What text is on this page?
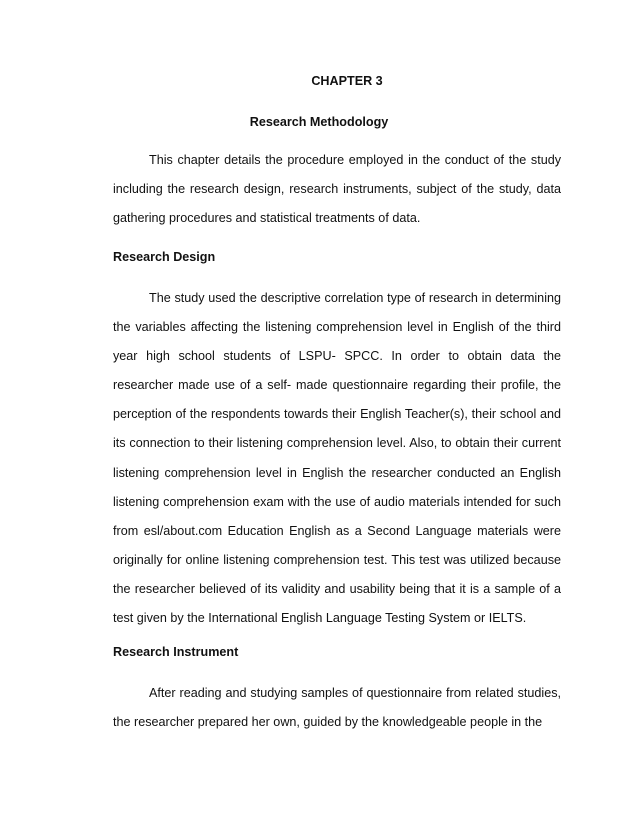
CHAPTER 3
Research Methodology

This chapter details the procedure employed in the conduct of the study including the research design, research instruments, subject of the study, data gathering procedures and statistical treatments of data.

Research Design

The study used the descriptive correlation type of research in determining the variables affecting the listening comprehension level in English of the third year high school students of LSPU- SPCC. In order to obtain data the researcher made use of a self- made questionnaire regarding their profile, the perception of the respondents towards their English Teacher(s), their school and its connection to their listening comprehension level. Also, to obtain their current listening comprehension level in English the researcher conducted an English listening comprehension exam with the use of audio materials intended for such from esl/about.com Education English as a Second Language materials were originally for online listening comprehension test. This test was utilized because the researcher believed of its validity and usability being that it is a sample of a test given by the International English Language Testing System or IELTS.

Research Instrument

After reading and studying samples of questionnaire from related studies, the researcher prepared her own, guided by the knowledgeable people in the
